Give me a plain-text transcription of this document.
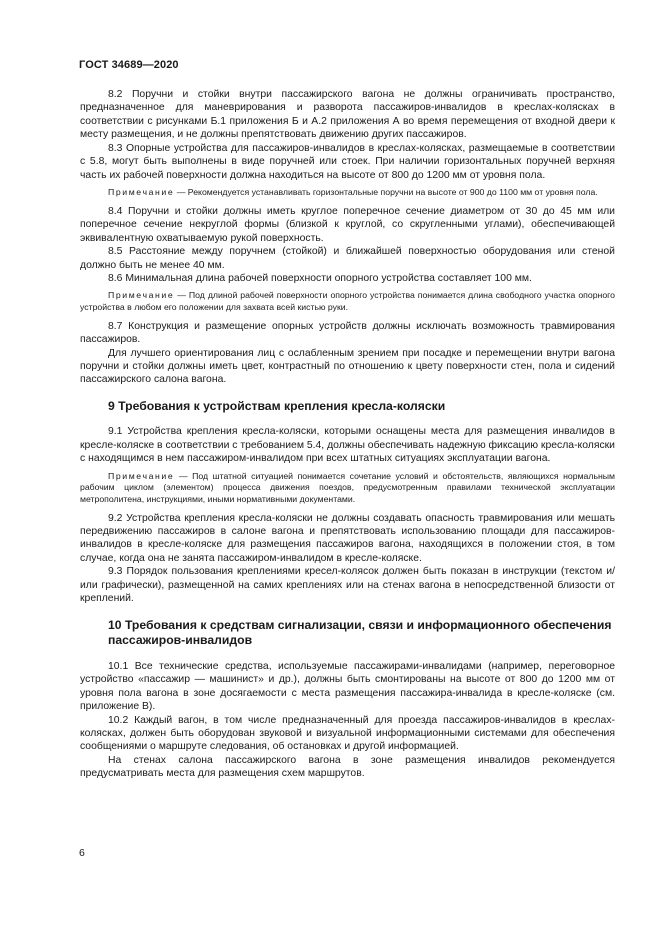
ГОСТ 34689—2020

8.2 Поручни и стойки внутри пассажирского вагона не должны ограничивать пространство, предназначенное для маневрирования и разворота пассажиров-инвалидов в креслах-колясках в соответствии с рисунками Б.1 приложения Б и А.2 приложения А во время перемещения от входной двери к месту размещения, и не должны препятствовать движению других пассажиров.

8.3 Опорные устройства для пассажиров-инвалидов в креслах-колясках, размещаемые в соответствии с 5.8, могут быть выполнены в виде поручней или стоек. При наличии горизонтальных поручней верхняя часть их рабочей поверхности должна находиться на высоте от 800 до 1200 мм от уровня пола.

Примечание — Рекомендуется устанавливать горизонтальные поручни на высоте от 900 до 1100 мм от уровня пола.

8.4 Поручни и стойки должны иметь круглое поперечное сечение диаметром от 30 до 45 мм или поперечное сечение некруглой формы (близкой к круглой, со скругленными углами), обеспечивающей эквивалентную охватываемую рукой поверхность.

8.5 Расстояние между поручнем (стойкой) и ближайшей поверхностью оборудования или стеной должно быть не менее 40 мм.

8.6 Минимальная длина рабочей поверхности опорного устройства составляет 100 мм.

Примечание — Под длиной рабочей поверхности опорного устройства понимается длина свободного участка опорного устройства в любом его положении для захвата всей кистью руки.

8.7 Конструкция и размещение опорных устройств должны исключать возможность травмирования пассажиров.

Для лучшего ориентирования лиц с ослабленным зрением при посадке и перемещении внутри вагона поручни и стойки должны иметь цвет, контрастный по отношению к цвету поверхности стен, пола и сидений пассажирского салона вагона.

9 Требования к устройствам крепления кресла-коляски

9.1 Устройства крепления кресла-коляски, которыми оснащены места для размещения инвалидов в кресле-коляске в соответствии с требованием 5.4, должны обеспечивать надежную фиксацию кресла-коляски с находящимся в нем пассажиром-инвалидом при всех штатных ситуациях эксплуатации вагона.

Примечание — Под штатной ситуацией понимается сочетание условий и обстоятельств, являющихся нормальным рабочим циклом (элементом) процесса движения поездов, предусмотренным правилами технической эксплуатации метрополитена, инструкциями, иными нормативными документами.

9.2 Устройства крепления кресла-коляски не должны создавать опасность травмирования или мешать передвижению пассажиров в салоне вагона и препятствовать использованию площади для пассажиров-инвалидов в кресле-коляске для размещения пассажиров вагона, находящихся в положении стоя, в том случае, когда она не занята пассажиром-инвалидом в кресле-коляске.

9.3 Порядок пользования креплениями кресел-колясок должен быть показан в инструкции (текстом и/или графически), размещенной на самих креплениях или на стенах вагона в непосредственной близости от креплений.

10 Требования к средствам сигнализации, связи и информационного обеспечения пассажиров-инвалидов

10.1 Все технические средства, используемые пассажирами-инвалидами (например, переговорное устройство «пассажир — машинист» и др.), должны быть смонтированы на высоте от 800 до 1200 мм от уровня пола вагона в зоне досягаемости с места размещения пассажира-инвалида в кресле-коляске (см. приложение В).

10.2 Каждый вагон, в том числе предназначенный для проезда пассажиров-инвалидов в креслах-колясках, должен быть оборудован звуковой и визуальной информационными системами для обеспечения сообщениями о маршруте следования, об остановках и другой информацией.

На стенах салона пассажирского вагона в зоне размещения инвалидов рекомендуется предусматривать места для размещения схем маршрутов.

6
